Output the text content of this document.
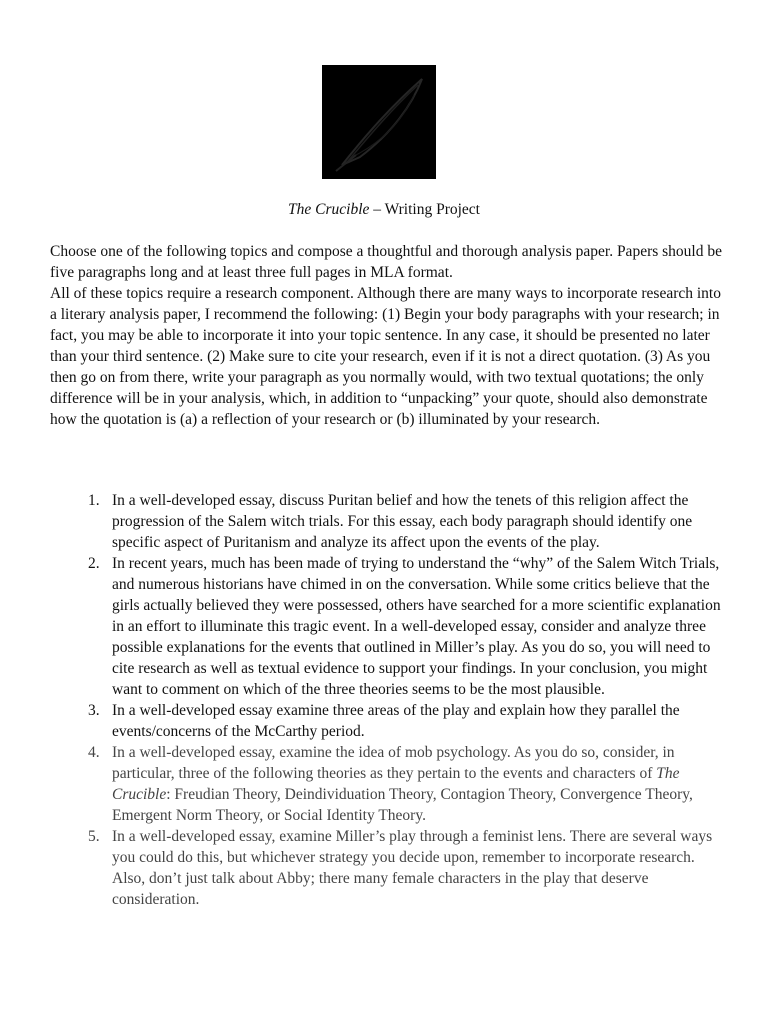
The Crucible – Writing Project

Choose one of the following topics and compose a thoughtful and thorough analysis paper. Papers should be five paragraphs long and at least three full pages in MLA format.

All of these topics require a research component. Although there are many ways to incorporate research into a literary analysis paper, I recommend the following: (1) Begin your body paragraphs with your research; in fact, you may be able to incorporate it into your topic sentence. In any case, it should be presented no later than your third sentence. (2) Make sure to cite your research, even if it is not a direct quotation. (3) As you then go on from there, write your paragraph as you normally would, with two textual quotations; the only difference will be in your analysis, which, in addition to “unpacking” your quote, should also demonstrate how the quotation is (a) a reflection of your research or (b) illuminated by your research.

1. In a well-developed essay, discuss Puritan belief and how the tenets of this religion affect the progression of the Salem witch trials. For this essay, each body paragraph should identify one specific aspect of Puritanism and analyze its affect upon the events of the play.
2. In recent years, much has been made of trying to understand the “why” of the Salem Witch Trials, and numerous historians have chimed in on the conversation. While some critics believe that the girls actually believed they were possessed, others have searched for a more scientific explanation in an effort to illuminate this tragic event. In a well-developed essay, consider and analyze three possible explanations for the events that outlined in Miller’s play. As you do so, you will need to cite research as well as textual evidence to support your findings. In your conclusion, you might want to comment on which of the three theories seems to be the most plausible.
3. In a well-developed essay examine three areas of the play and explain how they parallel the events/concerns of the McCarthy period.
4. In a well-developed essay, examine the idea of mob psychology. As you do so, consider, in particular, three of the following theories as they pertain to the events and characters of The Crucible: Freudian Theory, Deindividuation Theory, Contagion Theory, Convergence Theory, Emergent Norm Theory, or Social Identity Theory.
5. In a well-developed essay, examine Miller’s play through a feminist lens. There are several ways you could do this, but whichever strategy you decide upon, remember to incorporate research. Also, don’t just talk about Abby; there many female characters in the play that deserve consideration.
